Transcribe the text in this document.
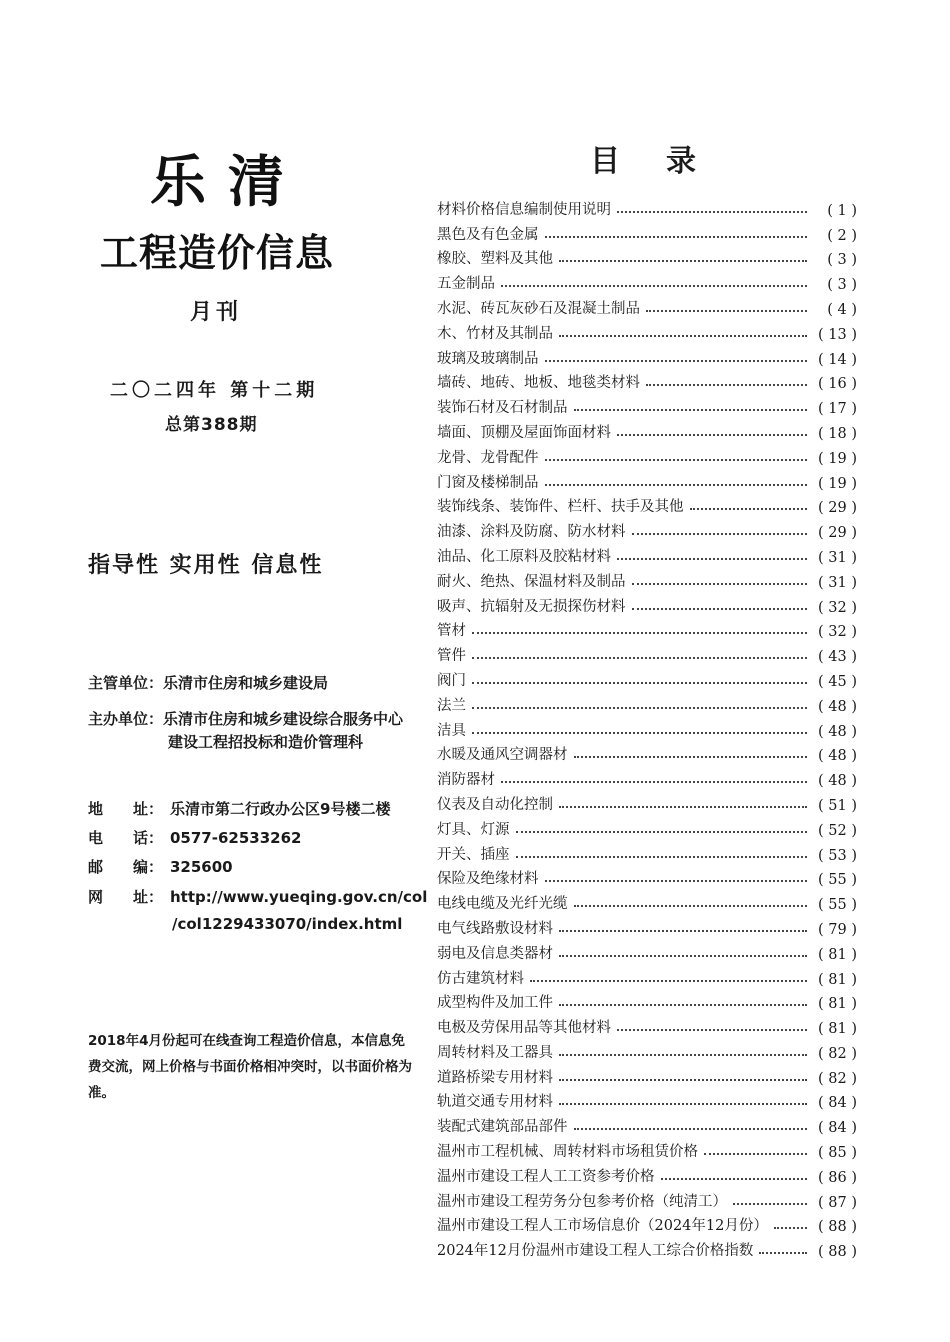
乐清
工程造价信息
月刊
二〇二四年 第十二期
总第388期
指导性 实用性 信息性
主管单位：乐清市住房和城乡建设局
主办单位：乐清市住房和城乡建设综合服务中心
建设工程招投标和造价管理科
地　　址： 乐清市第二行政办公区9号楼二楼
电　　话： 0577-62533262
邮　　编： 325600
网　　址： http://www.yueqing.gov.cn/col
/col1229433070/index.html
2018年4月份起可在线查询工程造价信息，本信息免费交流，网上价格与书面价格相冲突时，以书面价格为准。
目录
材料价格信息编制使用说明	( 1 )
黑色及有色金属	( 2 )
橡胶、塑料及其他	( 3 )
五金制品	( 3 )
水泥、砖瓦灰砂石及混凝土制品	( 4 )
木、竹材及其制品	( 13 )
玻璃及玻璃制品	( 14 )
墙砖、地砖、地板、地毯类材料	( 16 )
装饰石材及石材制品	( 17 )
墙面、顶棚及屋面饰面材料	( 18 )
龙骨、龙骨配件	( 19 )
门窗及楼梯制品	( 19 )
装饰线条、装饰件、栏杆、扶手及其他	( 29 )
油漆、涂料及防腐、防水材料	( 29 )
油品、化工原料及胶粘材料	( 31 )
耐火、绝热、保温材料及制品	( 31 )
吸声、抗辐射及无损探伤材料	( 32 )
管材	( 32 )
管件	( 43 )
阀门	( 45 )
法兰	( 48 )
洁具	( 48 )
水暖及通风空调器材	( 48 )
消防器材	( 48 )
仪表及自动化控制	( 51 )
灯具、灯源	( 52 )
开关、插座	( 53 )
保险及绝缘材料	( 55 )
电线电缆及光纤光缆	( 55 )
电气线路敷设材料	( 79 )
弱电及信息类器材	( 81 )
仿古建筑材料	( 81 )
成型构件及加工件	( 81 )
电极及劳保用品等其他材料	( 81 )
周转材料及工器具	( 82 )
道路桥梁专用材料	( 82 )
轨道交通专用材料	( 84 )
装配式建筑部品部件	( 84 )
温州市工程机械、周转材料市场租赁价格	( 85 )
温州市建设工程人工工资参考价格	( 86 )
温州市建设工程劳务分包参考价格（纯清工）	( 87 )
温州市建设工程人工市场信息价（2024年12月份）	( 88 )
2024年12月份温州市建设工程人工综合价格指数	( 88 )
